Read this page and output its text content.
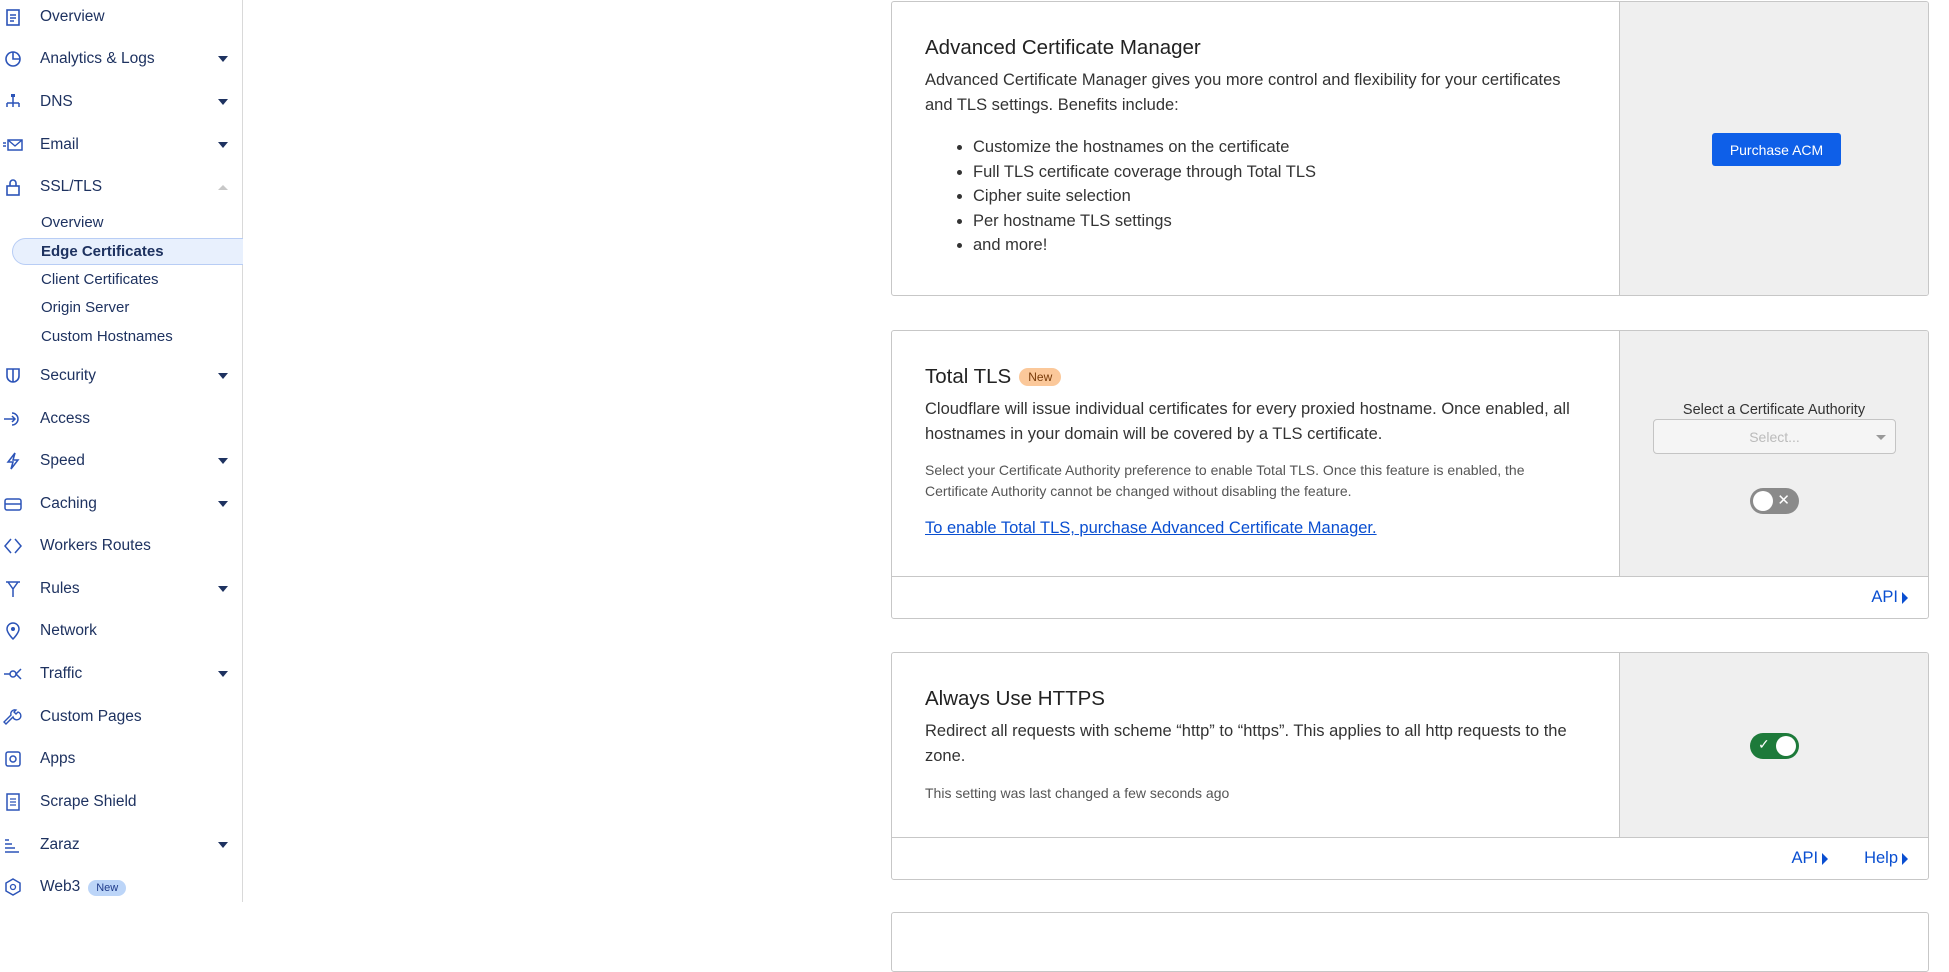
Overview
Analytics & Logs
DNS
Email
SSL/TLS
Overview
Edge Certificates
Client Certificates
Origin Server
Custom Hostnames
Security
Access
Speed
Caching
Workers Routes
Rules
Network
Traffic
Custom Pages
Apps
Scrape Shield
Zaraz
Web3 New
Advanced Certificate Manager

Advanced Certificate Manager gives you more control and flexibility for your certificates and TLS settings. Benefits include:

• Customize the hostnames on the certificate
• Full TLS certificate coverage through Total TLS
• Cipher suite selection
• Per hostname TLS settings
• and more!
Purchase ACM
Total TLS	New

Cloudflare will issue individual certificates for every proxied hostname. Once enabled, all hostnames in your domain will be covered by a TLS certificate.

Select your Certificate Authority preference to enable Total TLS. Once this feature is enabled, the Certificate Authority cannot be changed without disabling the feature.

To enable Total TLS, purchase Advanced Certificate Manager.
Select a Certificate Authority
Select...
✕
API
Always Use HTTPS

Redirect all requests with scheme “http” to “https”. This applies to all http requests to the zone.

This setting was last changed a few seconds ago

✓
API	Help
